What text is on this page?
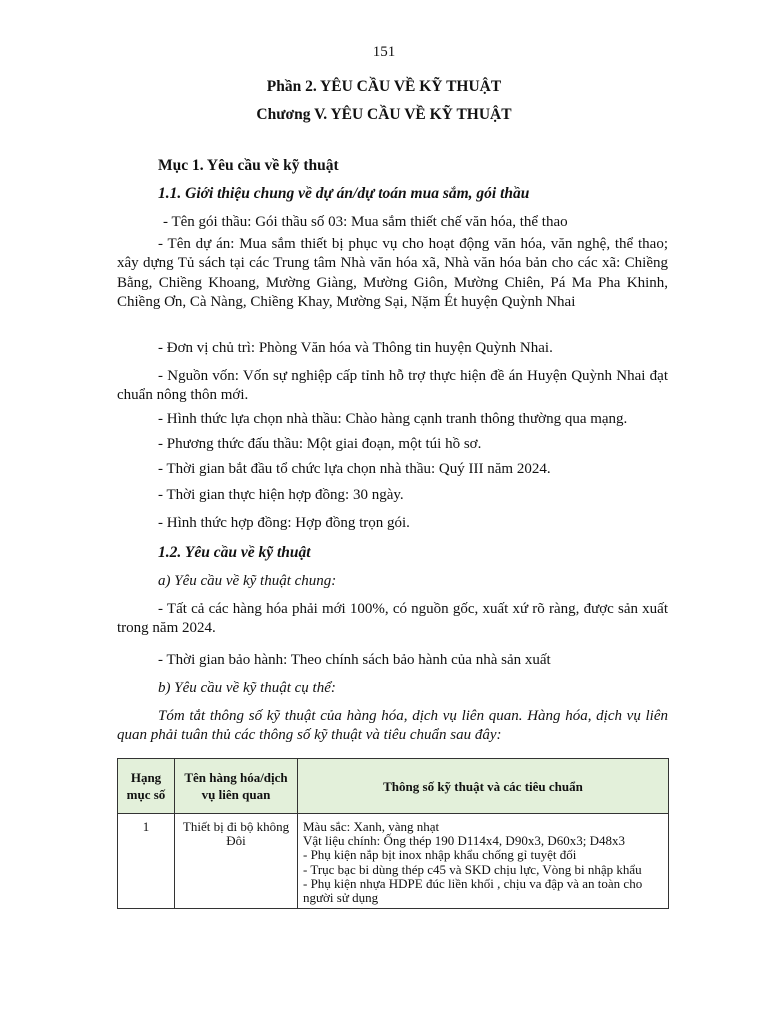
151
Phần 2. YÊU CẦU VỀ KỸ THUẬT
Chương V. YÊU CẦU VỀ KỸ THUẬT
Mục 1. Yêu cầu về kỹ thuật
1.1. Giới thiệu chung về dự án/dự toán mua sắm, gói thầu
- Tên gói thầu: Gói thầu số 03: Mua sắm thiết chế văn hóa, thể thao
- Tên dự án: Mua sắm thiết bị phục vụ cho hoạt động văn hóa, văn nghệ, thể thao; xây dựng Tủ sách tại các Trung tâm Nhà văn hóa xã, Nhà văn hóa bản cho các xã: Chiềng Bằng, Chiềng Khoang, Mường Giàng, Mường Giôn, Mường Chiên, Pá Ma Pha Khinh, Chiềng Ơn, Cà Nàng, Chiềng Khay, Mường Sại, Nặm Ét huyện Quỳnh Nhai
- Đơn vị chủ trì: Phòng Văn hóa và Thông tin huyện Quỳnh Nhai.
- Nguồn vốn: Vốn sự nghiệp cấp tỉnh hỗ trợ thực hiện đề án Huyện Quỳnh Nhai đạt chuẩn nông thôn mới.
- Hình thức lựa chọn nhà thầu: Chào hàng cạnh tranh thông thường qua mạng.
- Phương thức đấu thầu: Một giai đoạn, một túi hồ sơ.
- Thời gian bắt đầu tổ chức lựa chọn nhà thầu: Quý III năm 2024.
- Thời gian thực hiện hợp đồng: 30 ngày.
- Hình thức hợp đồng: Hợp đồng trọn gói.
1.2. Yêu cầu về kỹ thuật
a) Yêu cầu về kỹ thuật chung:
- Tất cả các hàng hóa phải mới 100%, có nguồn gốc, xuất xứ rõ ràng, được sản xuất trong năm 2024.
- Thời gian bảo hành: Theo chính sách bảo hành của nhà sản xuất
b) Yêu cầu về kỹ thuật cụ thể:
Tóm tắt thông số kỹ thuật của hàng hóa, dịch vụ liên quan. Hàng hóa, dịch vụ liên quan phải tuân thủ các thông số kỹ thuật và tiêu chuẩn sau đây:
Hạng mục số	Tên hàng hóa/dịch vụ liên quan	Thông số kỹ thuật và các tiêu chuẩn
1	Thiết bị đi bộ không Đôi	Màu sắc: Xanh, vàng nhạt
Vật liệu chính: Ống thép 190 D114x4, D90x3, D60x3; D48x3
- Phụ kiện nắp bịt inox nhập khẩu chống gỉ tuyệt đối
- Trục bạc bi dùng thép c45 và SKD chịu lực, Vòng bi nhập khẩu
- Phụ kiện nhựa HDPE đúc liền khối , chịu va đập và an toàn cho người sử dụng
